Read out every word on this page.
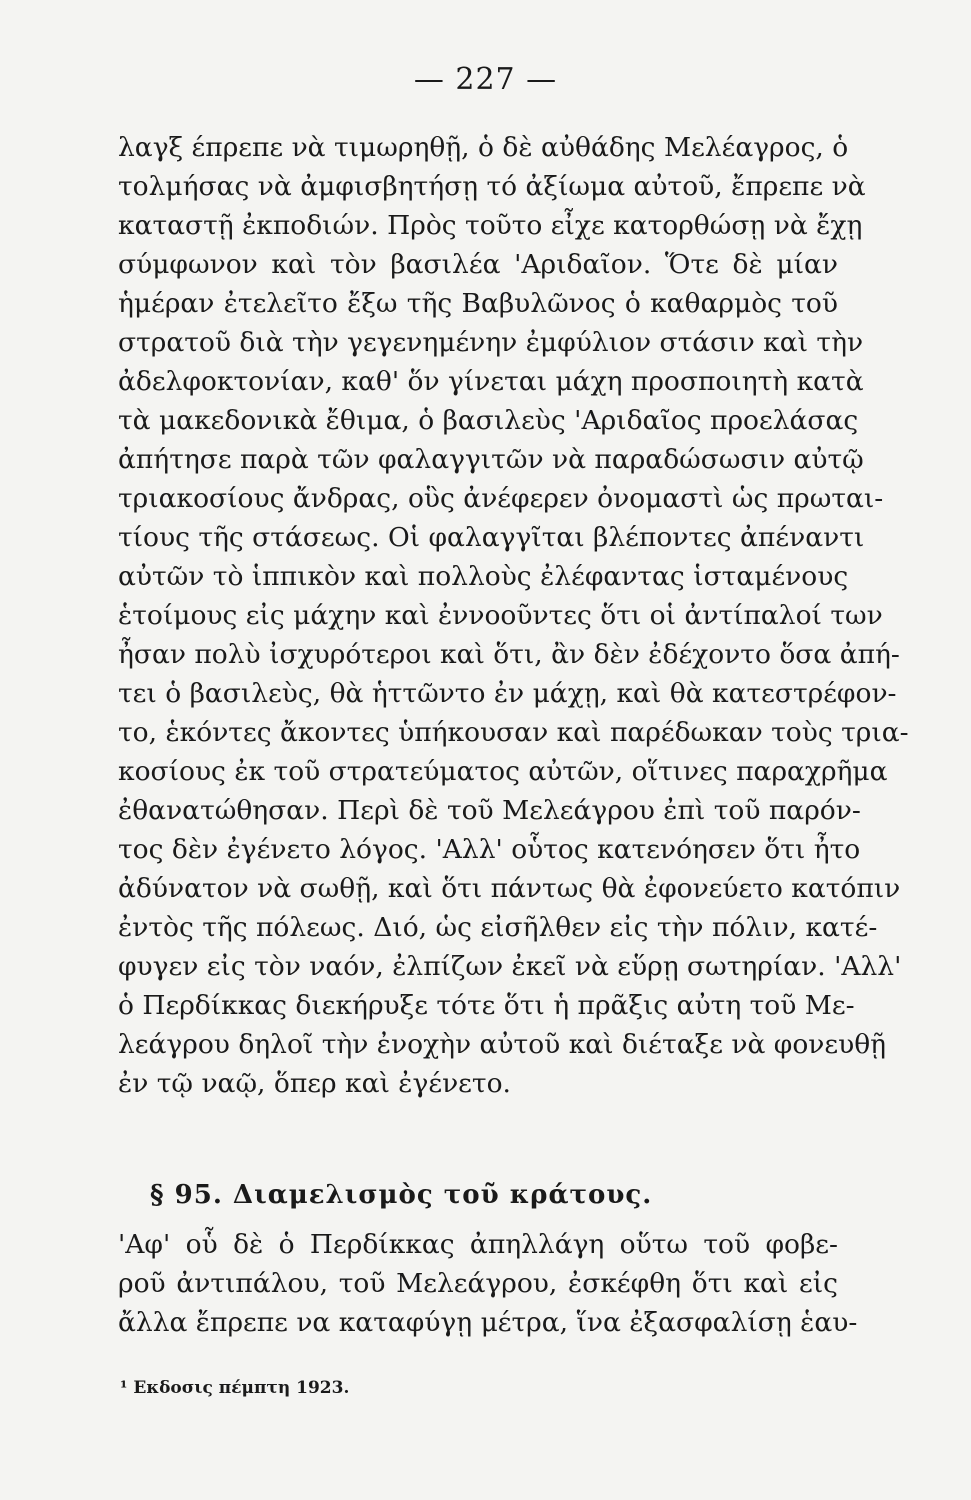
— 227 —
λαγξ έπρεπε νὰ τιμωρηθῇ, ὁ δὲ αὐθάδης Μελέαγρος, ὁ
τολμήσας νὰ ἀμφισβητήσῃ τό ἀξίωμα αὐτοῦ, ἔπρεπε νὰ
καταστῇ ἐκποδιών. Πρὸς τοῦτο εἶχε κατορθώσῃ νὰ ἔχῃ
σύμφωνον καὶ τὸν βασιλέα 'Αριδαῖον. Ὅτε δὲ μίαν
ἡμέραν ἐτελεῖτο ἔξω τῆς Βαβυλῶνος ὁ καθαρμὸς τοῦ
στρατοῦ διὰ τὴν γεγενημένην ἐμφύλιον στάσιν καὶ τὴν
ἀδελφοκτονίαν, καθ' ὅν γίνεται μάχη προσποιητὴ κατὰ
τὰ μακεδονικὰ ἔθιμα, ὁ βασιλεὺς 'Αριδαῖος προελάσας
ἀπήτησε παρὰ τῶν φαλαγγιτῶν νὰ παραδώσωσιν αὐτῷ
τριακοσίους ἄνδρας, οὓς ἀνέφερεν ὀνομαστὶ ὡς πρωται-
τίους τῆς στάσεως. Οἱ φαλαγγῖται βλέποντες ἀπέναντι
αὐτῶν τὸ ἱππικὸν καὶ πολλοὺς ἐλέφαντας ἱσταμένους
ἑτοίμους εἰς μάχην καὶ ἐννοοῦντες ὅτι οἱ ἀντίπαλοί των
ἦσαν πολὺ ἰσχυρότεροι καὶ ὅτι, ἂν δὲν ἐδέχοντο ὅσα ἀπή-
τει ὁ βασιλεὺς, θὰ ἡττῶντο ἐν μάχῃ, καὶ θὰ κατεστρέφον-
το, ἑκόντες ἄκοντες ὑπήκουσαν καὶ παρέδωκαν τοὺς τρια-
κοσίους ἐκ τοῦ στρατεύματος αὐτῶν, οἵτινες παραχρῆμα
ἐθανατώθησαν. Περὶ δὲ τοῦ Μελεάγρου ἐπὶ τοῦ παρόν-
τος δὲν ἐγένετο λόγος. 'Αλλ' οὗτος κατενόησεν ὅτι ἦτο
ἀδύνατον νὰ σωθῇ, καὶ ὅτι πάντως θὰ ἐφονεύετο κατόπιν
ἐντὸς τῆς πόλεως. Διό, ὡς εἰσῆλθεν εἰς τὴν πόλιν, κατέ-
φυγεν εἰς τὸν ναόν, ἐλπίζων ἐκεῖ νὰ εὕρῃ σωτηρίαν. 'Αλλ'
ὁ Περδίκκας διεκήρυξε τότε ὅτι ἡ πρᾶξις αὐτη τοῦ Με-
λεάγρου δηλοῖ τὴν ἐνοχὴν αὐτοῦ καὶ διέταξε νὰ φονευθῇ
ἐν τῷ ναῷ, ὅπερ καὶ ἐγένετο.
§ 95. Διαμελισμὸς τοῦ κράτους.
'Αφ' οὗ δὲ ὁ Περδίκκας ἀπηλλάγη οὕτω τοῦ φοβε-
ροῦ ἀντιπάλου, τοῦ Μελεάγρου, ἐσκέφθη ὅτι καὶ εἰς
ἄλλα ἔπρεπε να καταφύγῃ μέτρα, ἵνα ἐξασφαλίσῃ ἑαυ-
¹ Εκδοσις πέμπτη 1923.
